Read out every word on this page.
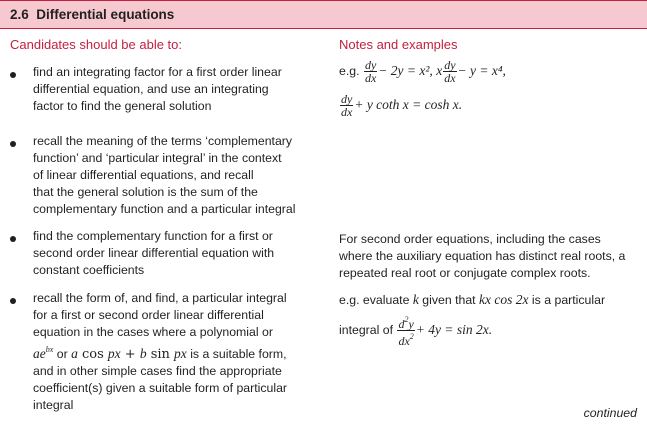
2.6 Differential equations
Candidates should be able to:	Notes and examples
find an integrating factor for a first order linear
differential equation, and use an integrating
factor to find the general solution
recall the meaning of the terms ‘complementary
function’ and ‘particular integral’ in the context
of linear differential equations, and recall
that the general solution is the sum of the
complementary function and a particular integral
find the complementary function for a first or
second order linear differential equation with
constant coefficients
recall the form of, and find, a particular integral
for a first or second order linear differential
equation in the cases where a polynomial or
$ae^{bx}$ or a cos px + b sin px is a suitable form,
and in other simple cases find the appropriate
coefficient(s) given a suitable form of particular
integral
e.g. $\frac{dy}{dx} - 2y = x^2$, x $\frac{dy}{dx} - y = x^4$,
$\frac{dy}{dx} + y$ coth x = cosh x.
For second order equations, including the cases
where the auxiliary equation has distinct real roots, a
repeated real root or conjugate complex roots.
e.g. evaluate k given that kx cos 2x is a particular
integral of $\frac{d^2y}{dx^2} + 4y = \sin 2x$.
continued
